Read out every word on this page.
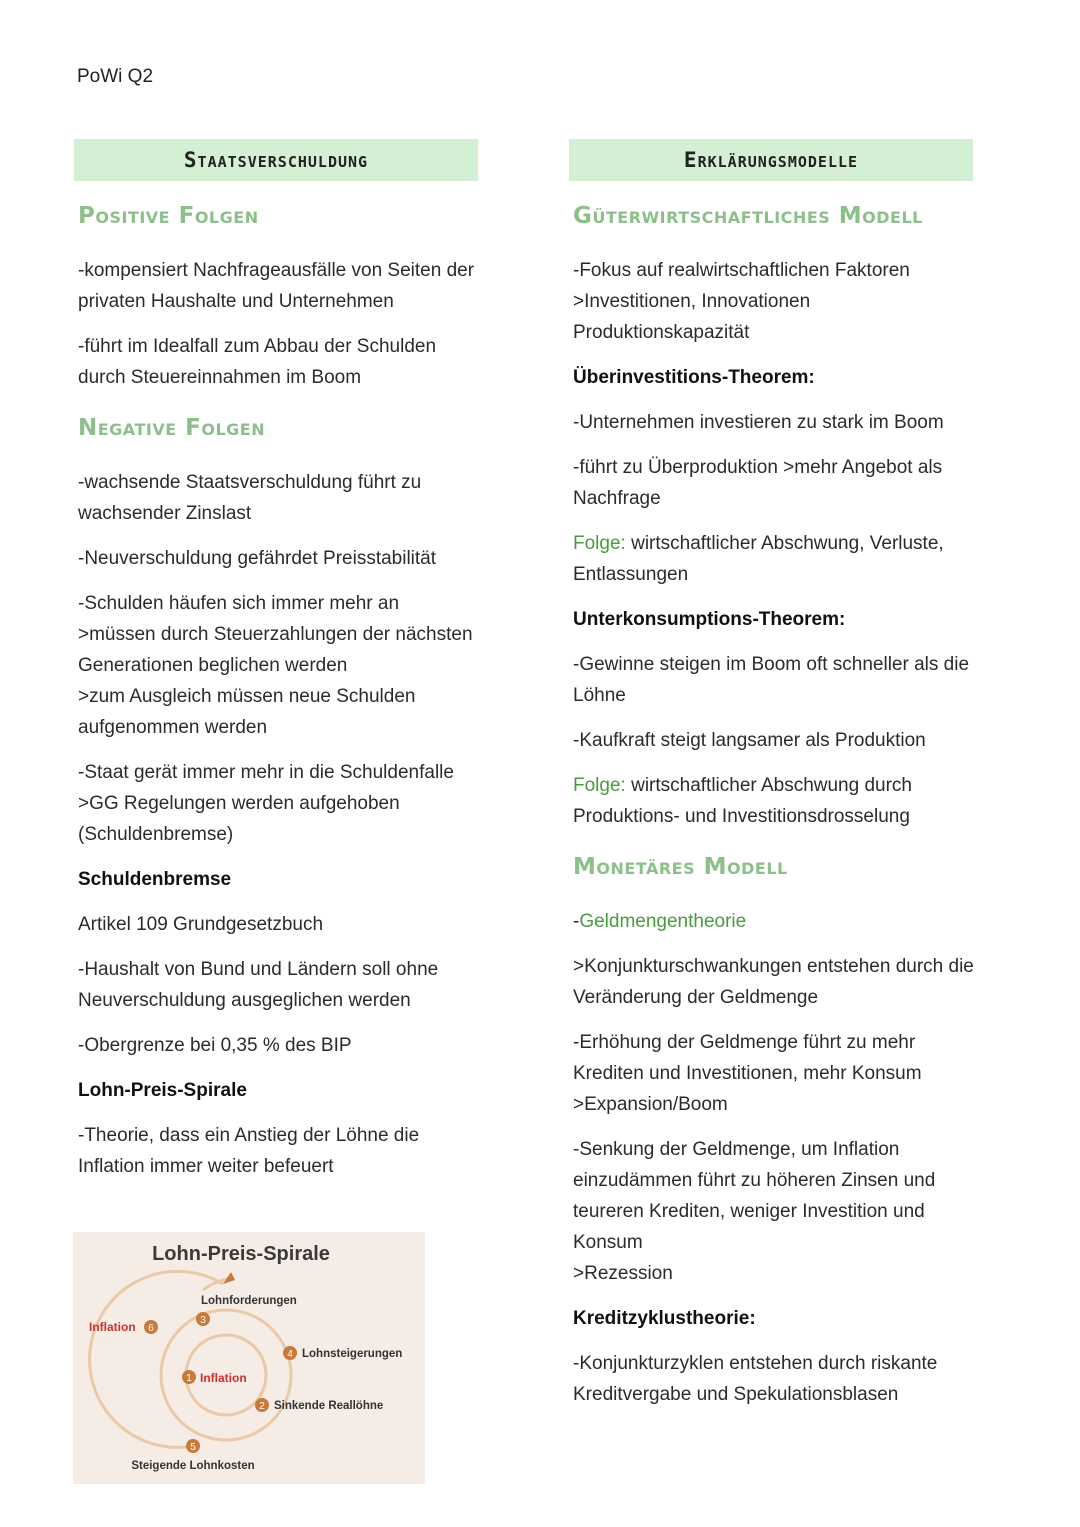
PoWi Q2
Staatsverschuldung
Positive Folgen
-kompensiert Nachfrageausfälle von Seiten der
privaten Haushalte und Unternehmen
-führt im Idealfall zum Abbau der Schulden
durch Steuereinnahmen im Boom
Negative Folgen
-wachsende Staatsverschuldung führt zu
wachsender Zinslast
-Neuverschuldung gefährdet Preisstabilität
-Schulden häufen sich immer mehr an
>müssen durch Steuerzahlungen der nächsten
Generationen beglichen werden
>zum Ausgleich müssen neue Schulden
aufgenommen werden
-Staat gerät immer mehr in die Schuldenfalle
>GG Regelungen werden aufgehoben
(Schuldenbremse)
Schuldenbremse
Artikel 109 Grundgesetzbuch
-Haushalt von Bund und Ländern soll ohne
Neuverschuldung ausgeglichen werden
-Obergrenze bei 0,35 % des BIP
Lohn-Preis-Spirale
-Theorie, dass ein Anstieg der Löhne die
Inflation immer weiter befeuert
Lohn-Preis-Spirale
1 Inflation
2 Sinkende Reallöhne
3
Lohnforderungen
4 Lohnsteigerungen
5
Steigende Lohnkosten
6
Inflation
Erklärungsmodelle
Güterwirtschaftliches Modell
-Fokus auf realwirtschaftlichen Faktoren
>Investitionen, Innovationen
Produktionskapazität
Überinvestitions-Theorem:
-Unternehmen investieren zu stark im Boom
-führt zu Überproduktion >mehr Angebot als
Nachfrage
Folge: wirtschaftlicher Abschwung, Verluste,
Entlassungen
Unterkonsumptions-Theorem:
-Gewinne steigen im Boom oft schneller als die
Löhne
-Kaufkraft steigt langsamer als Produktion
Folge: wirtschaftlicher Abschwung durch
Produktions- und Investitionsdrosselung
Monetäres Modell
-Geldmengentheorie
>Konjunkturschwankungen entstehen durch die
Veränderung der Geldmenge
-Erhöhung der Geldmenge führt zu mehr
Krediten und Investitionen, mehr Konsum
>Expansion/Boom
-Senkung der Geldmenge, um Inflation
einzudämmen führt zu höheren Zinsen und
teureren Krediten, weniger Investition und
Konsum
>Rezession
Kreditzyklustheorie:
-Konjunkturzyklen entstehen durch riskante
Kreditvergabe und Spekulationsblasen
